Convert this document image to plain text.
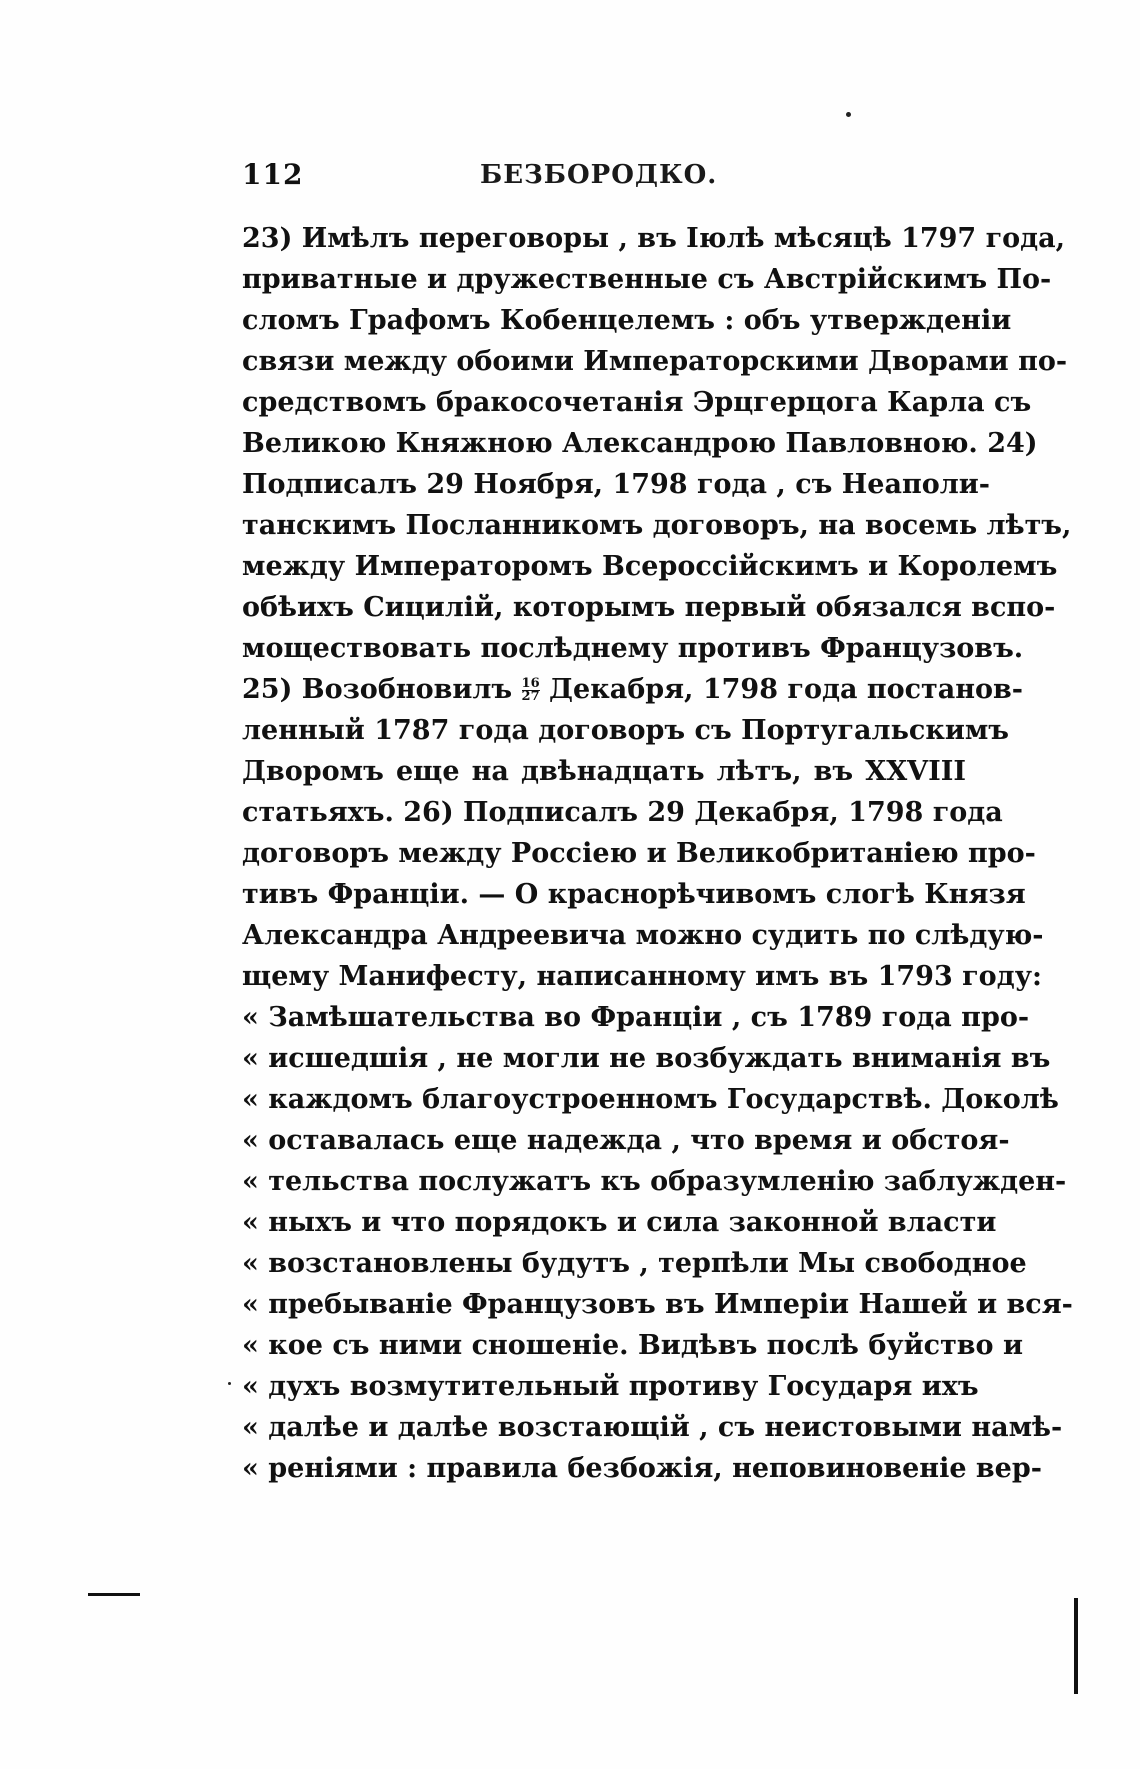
112	БЕЗБОРОДКО.
23) Имѣлъ переговоры , въ Іюлѣ мѣсяцѣ 1797 года,
приватные и дружественные съ Австрійскимъ По-
сломъ Графомъ Кобенцелемъ : объ утвержденіи
связи между обоими Императорскими Дворами по-
средствомъ бракосочетанія Эрцгерцога Карла съ
Великою Княжною Александрою Павловною. 24)
Подписалъ 29 Ноября, 1798 года , съ Неаполи-
танскимъ Посланникомъ договоръ, на восемь лѣтъ,
между Императоромъ Всероссійскимъ и Королемъ
обѣихъ Сицилій, которымъ первый обязался вспо-
моществовать послѣднему противъ Французовъ.
25) Возобновилъ $\frac{16}{27}$ Декабря, 1798 года постанов-
ленный 1787 года договоръ съ Португальскимъ
Дворомъ еще на двѣнадцать лѣтъ, въ XXVIII
статьяхъ. 26) Подписалъ 29 Декабря, 1798 года
договоръ между Россіею и Великобританіею про-
тивъ Франціи. — О краснорѣчивомъ слогѣ Князя
Александра Андреевича можно судить по слѣдую-
щему Манифесту, написанному имъ въ 1793 году:
« Замѣшательства во Франціи , съ 1789 года про-
« исшедшія , не могли не возбуждать вниманія въ
« каждомъ благоустроенномъ Государствѣ. Доколѣ
« оставалась еще надежда , что время и обстоя-
« тельства послужатъ къ образумленію заблужден-
« ныхъ и что порядокъ и сила законной власти
« возстановлены будутъ , терпѣли Мы свободное
« пребываніе Французовъ въ Имперіи Нашей и вся-
« кое съ ними сношеніе. Видѣвъ послѣ буйство и
« духъ возмутительный противу Государя ихъ
« далѣе и далѣе возстающій , съ неистовыми намѣ-
« реніями : правила безбожія, неповиновеніе вер-
